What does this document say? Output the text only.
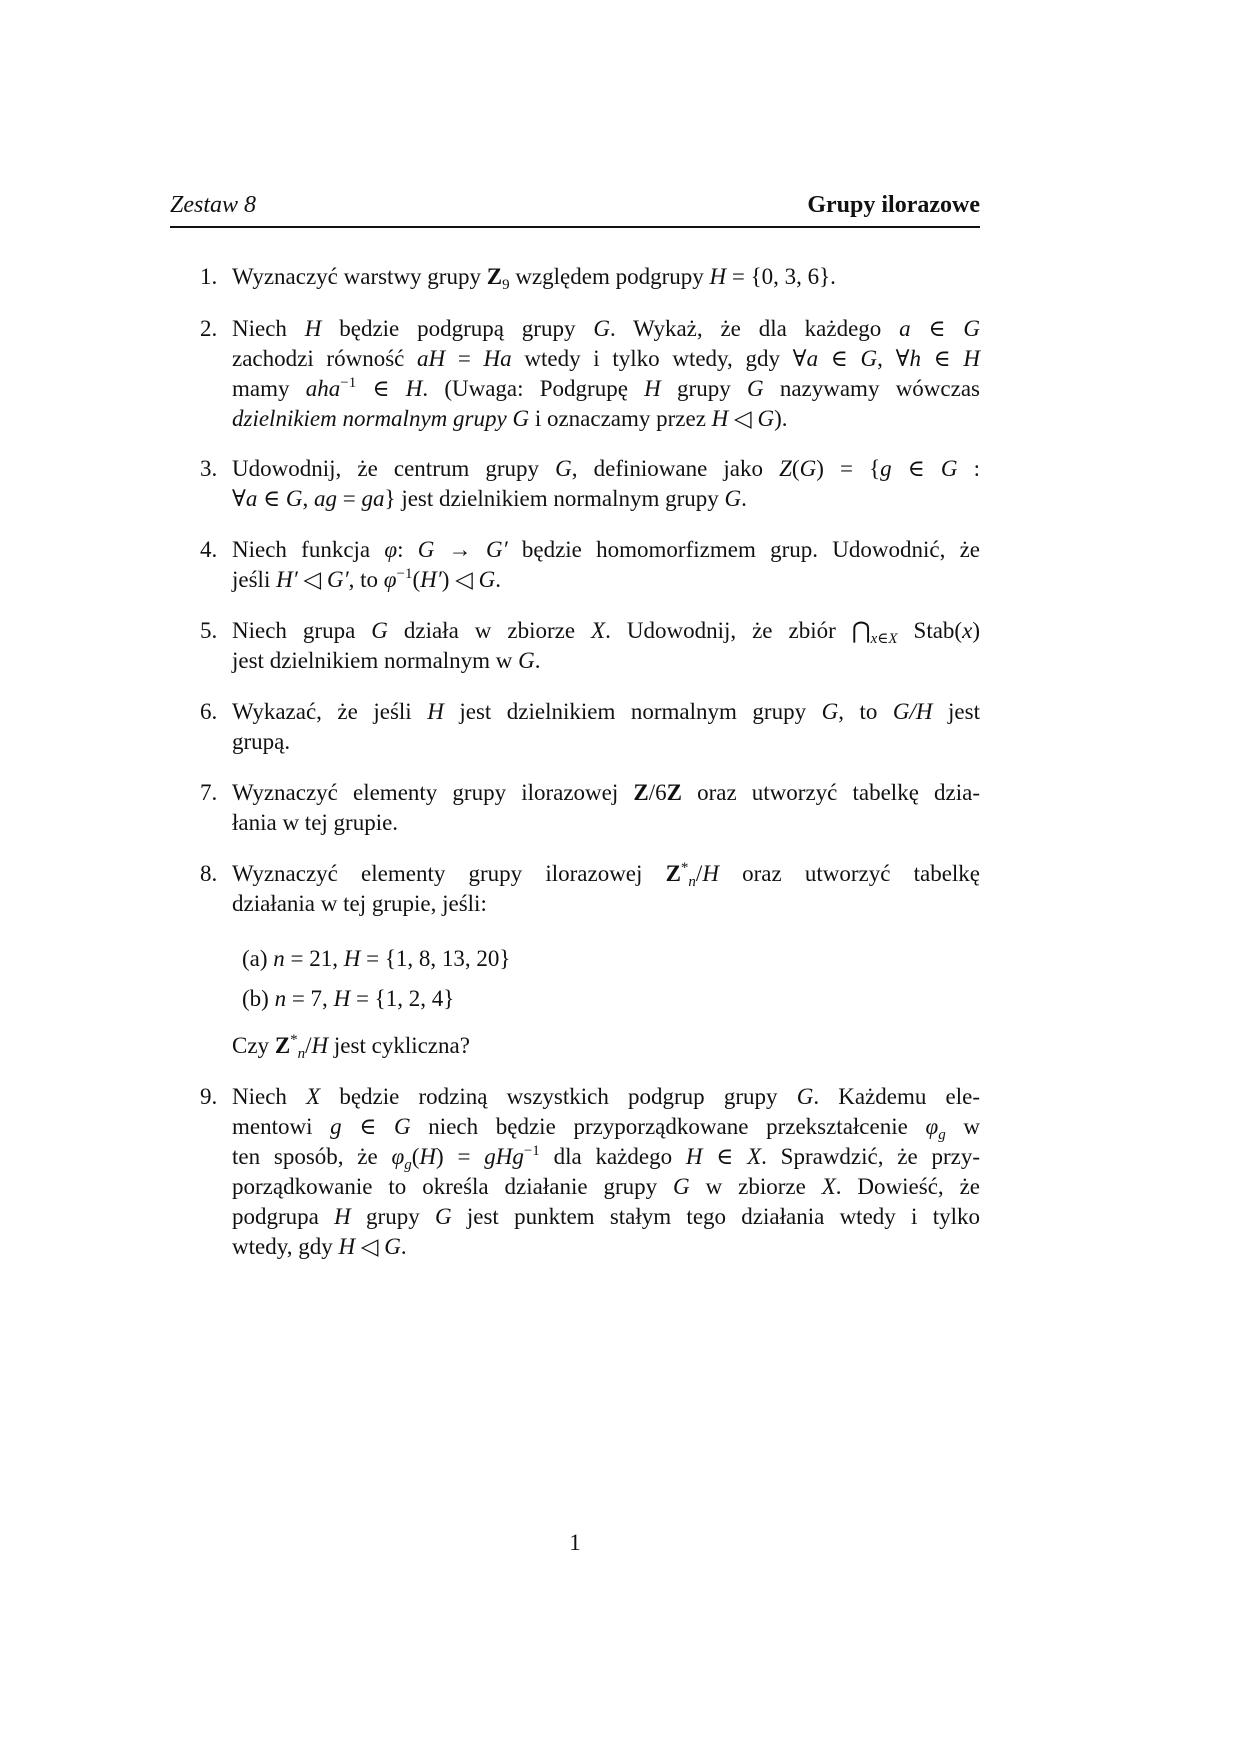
Zestaw 8	Grupy ilorazowe
1. Wyznaczyć warstwy grupy $Z_9$ względem podgrupy H = {0, 3, 6}.
2. Niech H będzie podgrupą grupy G. Wykaż, że dla każdego a ∈ G
zachodzi równość aH = Ha wtedy i tylko wtedy, gdy ∀a ∈ G, ∀h ∈ H
mamy aha$^{-1}$ ∈ H. (Uwaga: Podgrupę H grupy G nazywamy wówczas
dzielnikiem normalnym grupy G i oznaczamy przez H ◁ G).
3. Udowodnij, że centrum grupy G, definiowane jako Z(G) = {g ∈ G :
∀a ∈ G, ag = ga} jest dzielnikiem normalnym grupy G.
4. Niech funkcja φ: G → G′ będzie homomorfizmem grup. Udowodnić, że
jeśli H′ ◁ G′, to $\varphi^{-1}(H')$ ◁ G.
5. Niech grupa G działa w zbiorze X. Udowodnij, że zbiór $⋂_{x\in X}$ Stab(x)
jest dzielnikiem normalnym w G.
6. Wykazać, że jeśli H jest dzielnikiem normalnym grupy G, to G/H jest
grupą.
7. Wyznaczyć elementy grupy ilorazowej Z/6Z oraz utworzyć tabelkę dzia-
łania w tej grupie.
8. Wyznaczyć elementy grupy ilorazowej $Z^*_n/H$ oraz utworzyć tabelkę
działania w tej grupie, jeśli:
(a) n = 21, H = {1, 8, 13, 20}
(b) n = 7, H = {1, 2, 4}
Czy $Z^*_n/H$ jest cykliczna?
9. Niech X będzie rodziną wszystkich podgrup grupy G. Każdemu ele-
mentowi g ∈ G niech będzie przyporządkowane przekształcenie $\varphi_g$ w
ten sposób, że $\varphi_g(H) = gHg^{-1}$ dla każdego H ∈ X. Sprawdzić, że przy-
porządkowanie to określa działanie grupy G w zbiorze X. Dowieść, że
podgrupa H grupy G jest punktem stałym tego działania wtedy i tylko
wtedy, gdy H ◁ G.
1
